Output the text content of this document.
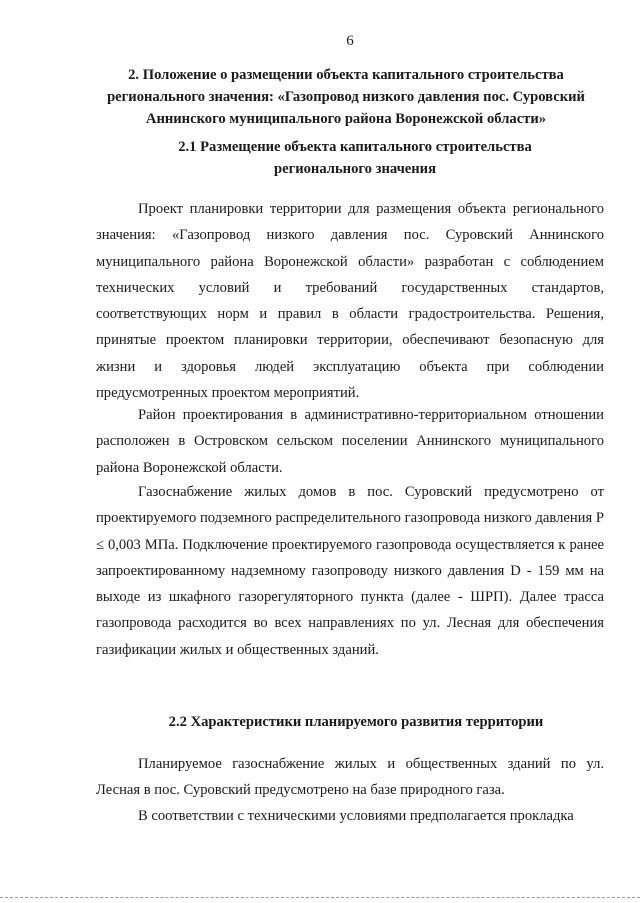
6
2. Положение о размещении объекта капитального строительства регионального значения: «Газопровод низкого давления пос. Суровский Аннинского муниципального района Воронежской области»
2.1 Размещение объекта капитального строительства регионального значения

Проект планировки территории для размещения объекта регионального значения: «Газопровод низкого давления пос. Суровский Аннинского муниципального района Воронежской области» разработан с соблюдением технических условий и требований государственных стандартов, соответствующих норм и правил в области градостроительства. Решения, принятые проектом планировки территории, обеспечивают безопасную для жизни и здоровья людей эксплуатацию объекта при соблюдении предусмотренных проектом мероприятий.

Район проектирования в административно-территориальном отношении расположен в Островском сельском поселении Аннинского муниципального района Воронежской области.

Газоснабжение жилых домов в пос. Суровский предусмотрено от проектируемого подземного распределительного газопровода низкого давления Р ≤ 0,003 МПа. Подключение проектируемого газопровода осуществляется к ранее запроектированному надземному газопроводу низкого давления D - 159 мм на выходе из шкафного газорегуляторного пункта (далее - ШРП). Далее трасса газопровода расходится во всех направлениях по ул. Лесная для обеспечения газификации жилых и общественных зданий.

2.2 Характеристики планируемого развития территории

Планируемое газоснабжение жилых и общественных зданий по ул. Лесная в пос. Суровский предусмотрено на базе природного газа.

В соответствии с техническими условиями предполагается прокладка
